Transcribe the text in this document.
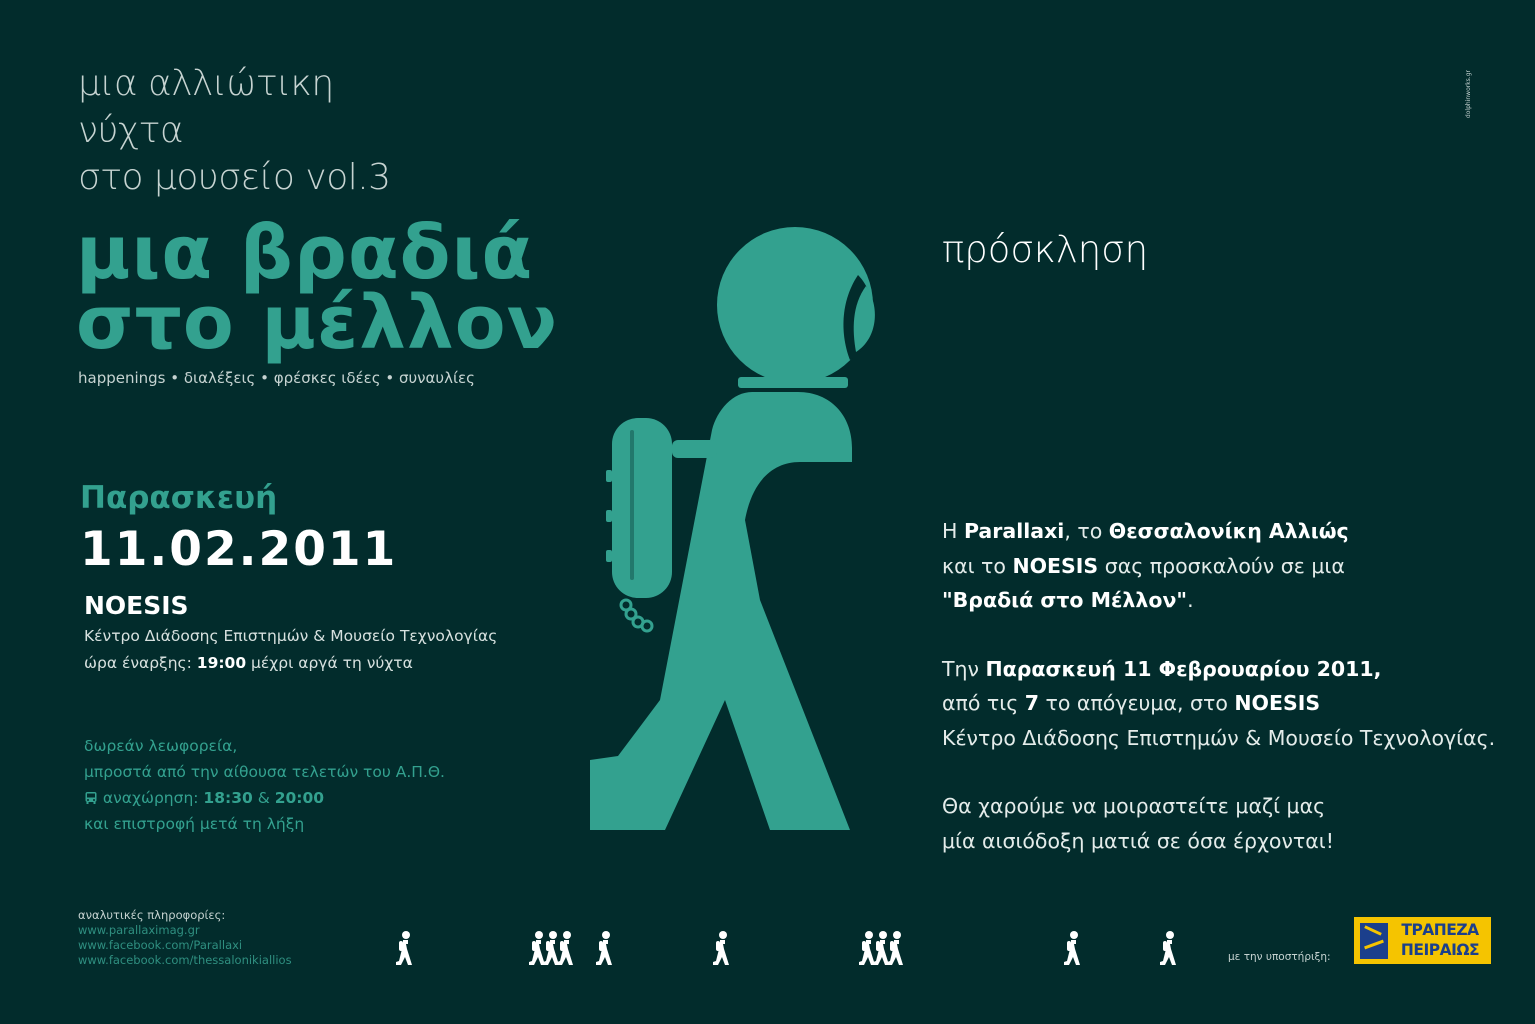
μια αλλιώτικη
νύχτα
στο μουσείο vol.3
μια βραδιά
στο μέλλον
happenings • διαλέξεις • φρέσκες ιδέες • συναυλίες
Παρασκευή
11.02.2011
NOESIS
Κέντρο Διάδοσης Επιστημών & Μουσείο Τεχνολογίας
ώρα έναρξης: 19:00 μέχρι αργά τη νύχτα
δωρεάν λεωφορεία,
μπροστά από την αίθουσα τελετών του Α.Π.Θ.
αναχώρηση: 18:30 & 20:00
και επιστροφή μετά τη λήξη
πρόσκληση

Η Parallaxi, το Θεσσαλονίκη Αλλιώς
και το NOESIS σας προσκαλούν σε μια
"Βραδιά στο Μέλλον".

Την Παρασκευή 11 Φεβρουαρίου 2011,
από τις 7 το απόγευμα, στο NOESIS
Κέντρο Διάδοσης Επιστημών & Μουσείο Τεχνολογίας.

Θα χαρούμε να μοιραστείτε μαζί μας
μία αισιόδοξη ματιά σε όσα έρχονται!

αναλυτικές πληροφορίες:
www.parallaximag.gr
www.facebook.com/Parallaxi
www.facebook.com/thessalonikiallios	με την υποστήριξη:
ΤΡΑΠΕΖΑ
ΠΕΙΡΑΙΩΣ
dolphinworks.gr
